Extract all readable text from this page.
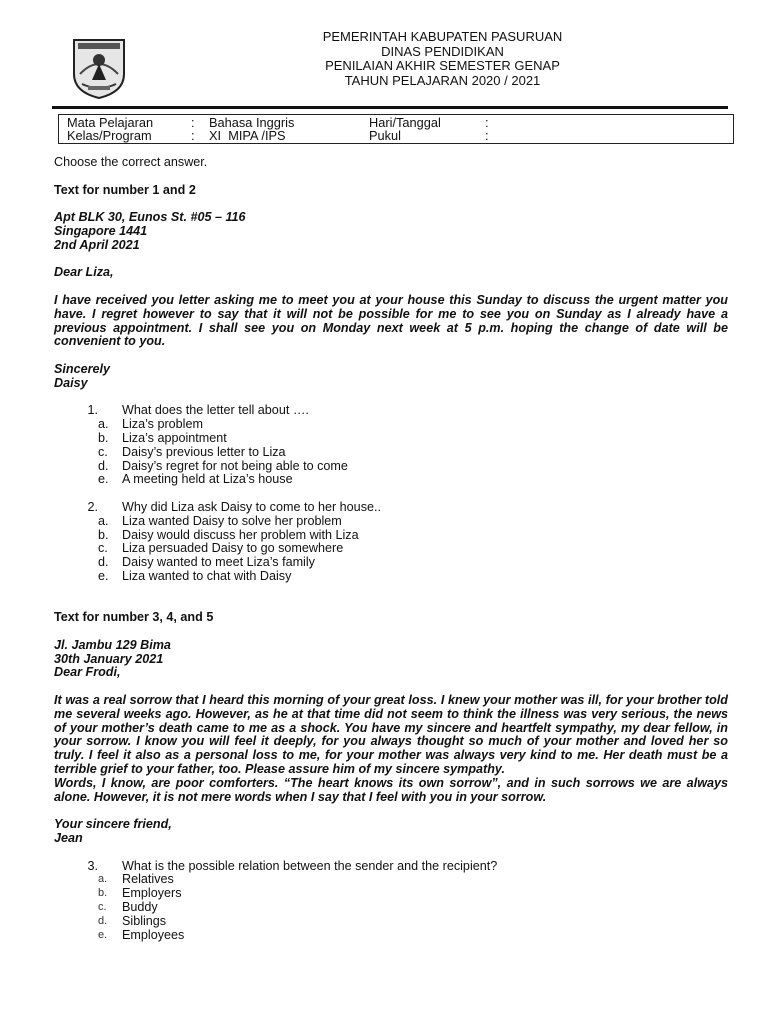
PEMERINTAH KABUPATEN PASURUAN
DINAS PENDIDIKAN
PENILAIAN AKHIR SEMESTER GENAP
TAHUN PELAJARAN 2020 / 2021
Mata Pelajaran	: Bahasa Inggris	Hari/Tanggal	:
Kelas/Program	: XI  MIPA /IPS	Pukul	:
Choose the correct answer.
Text for number 1 and 2
Apt BLK 30, Eunos St. #05 – 116
Singapore 1441
2nd April 2021
Dear Liza,
I have received you letter asking me to meet you at your house this Sunday to discuss the urgent matter you have. I regret however to say that it will not be possible for me to see you on Sunday as I already have a previous appointment. I shall see you on Monday next week at 5 p.m. hoping the change of date will be convenient to you.
Sincerely
Daisy
1. What does the letter tell about ….
a.	Liza’s problem
b.	Liza’s appointment
c.	Daisy’s previous letter to Liza
d.	Daisy’s regret for not being able to come
e.	A meeting held at Liza’s house
2. Why did Liza ask Daisy to come to her house..
a.	Liza wanted Daisy to solve her problem
b.	Daisy would discuss her problem with Liza
c.	Liza persuaded Daisy to go somewhere
d.	Daisy wanted to meet Liza’s family
e.	Liza wanted to chat with Daisy
Text for number 3, 4, and 5
Jl. Jambu 129 Bima
30th January 2021
Dear Frodi,
It was a real sorrow that I heard this morning of your great loss. I knew your mother was ill, for your brother told me several weeks ago. However, as he at that time did not seem to think the illness was very serious, the news of your mother’s death came to me as a shock. You have my sincere and heartfelt sympathy, my dear fellow, in your sorrow. I know you will feel it deeply, for you always thought so much of your mother and loved her so truly. I feel it also as a personal loss to me, for your mother was always very kind to me. Her death must be a terrible grief to your father, too. Please assure him of my sincere sympathy.
Words, I know, are poor comforters. “The heart knows its own sorrow”, and in such sorrows we are always alone. However, it is not mere words when I say that I feel with you in your sorrow.
Your sincere friend,
Jean
3. What is the possible relation between the sender and the recipient?
a.	Relatives
b.	Employers
c.	Buddy
d.	Siblings
e.	Employees
